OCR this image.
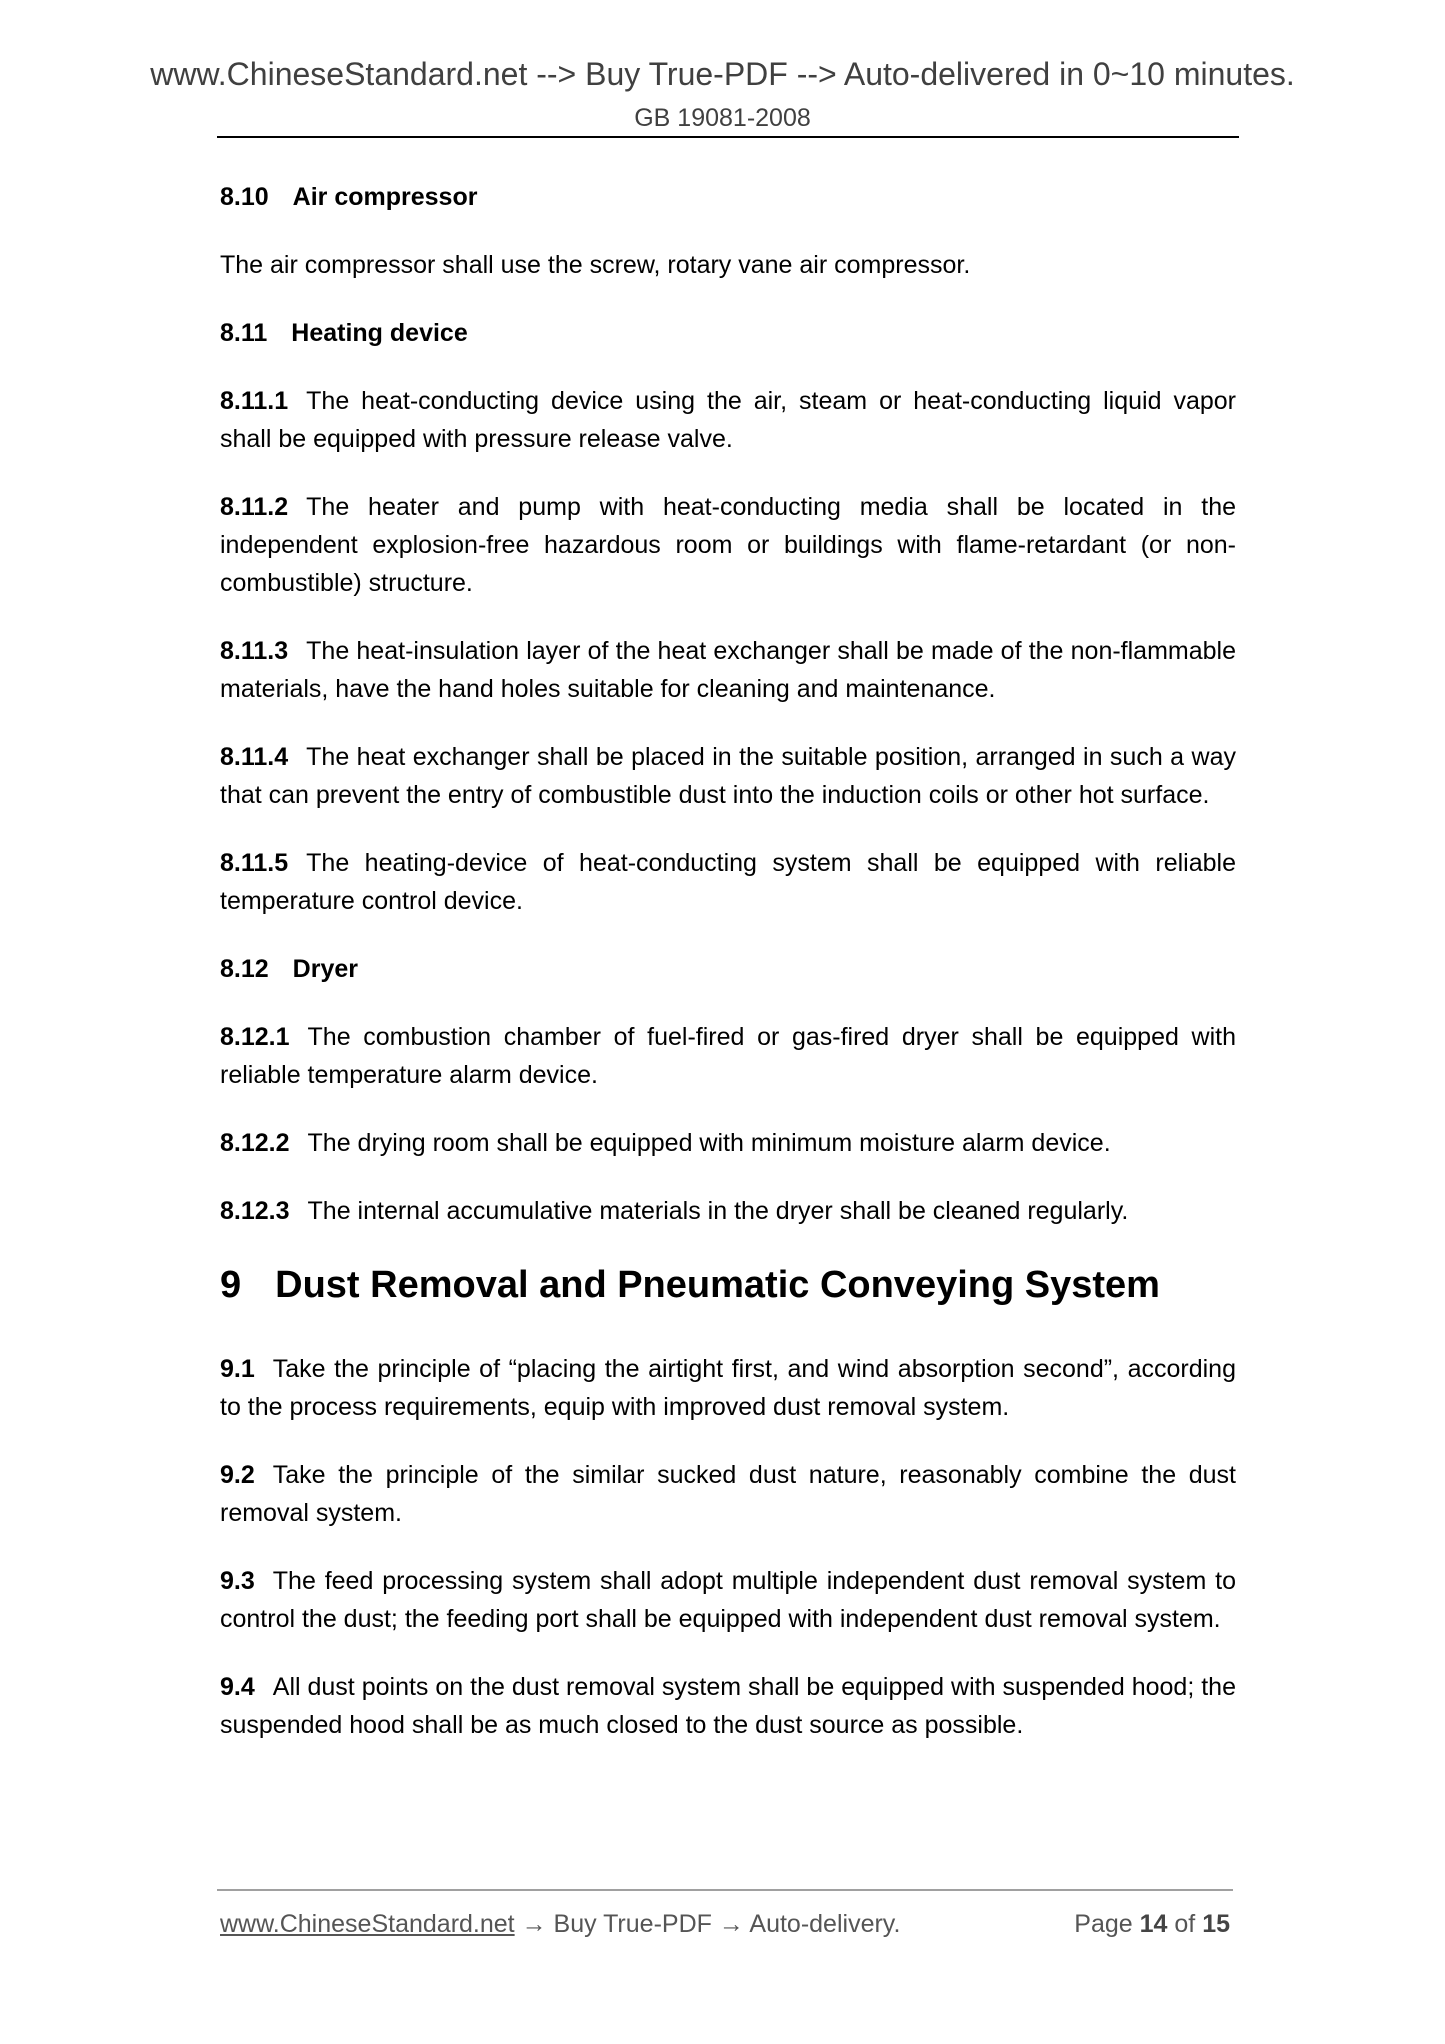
www.ChineseStandard.net --> Buy True-PDF --> Auto-delivered in 0~10 minutes.
GB 19081-2008
8.10 Air compressor

The air compressor shall use the screw, rotary vane air compressor.

8.11 Heating device

8.11.1 The heat-conducting device using the air, steam or heat-conducting liquid vapor shall be equipped with pressure release valve.

8.11.2 The heater and pump with heat-conducting media shall be located in the independent explosion-free hazardous room or buildings with flame-retardant (or non-combustible) structure.

8.11.3 The heat-insulation layer of the heat exchanger shall be made of the non-flammable materials, have the hand holes suitable for cleaning and maintenance.

8.11.4 The heat exchanger shall be placed in the suitable position, arranged in such a way that can prevent the entry of combustible dust into the induction coils or other hot surface.

8.11.5 The heating-device of heat-conducting system shall be equipped with reliable temperature control device.

8.12 Dryer

8.12.1 The combustion chamber of fuel-fired or gas-fired dryer shall be equipped with reliable temperature alarm device.

8.12.2 The drying room shall be equipped with minimum moisture alarm device.

8.12.3 The internal accumulative materials in the dryer shall be cleaned regularly.

9 Dust Removal and Pneumatic Conveying System

9.1 Take the principle of “placing the airtight first, and wind absorption second”, according to the process requirements, equip with improved dust removal system.

9.2 Take the principle of the similar sucked dust nature, reasonably combine the dust removal system.

9.3 The feed processing system shall adopt multiple independent dust removal system to control the dust; the feeding port shall be equipped with independent dust removal system.

9.4 All dust points on the dust removal system shall be equipped with suspended hood; the suspended hood shall be as much closed to the dust source as possible.

www.ChineseStandard.net → Buy True-PDF → Auto-delivery.	Page 14 of 15
